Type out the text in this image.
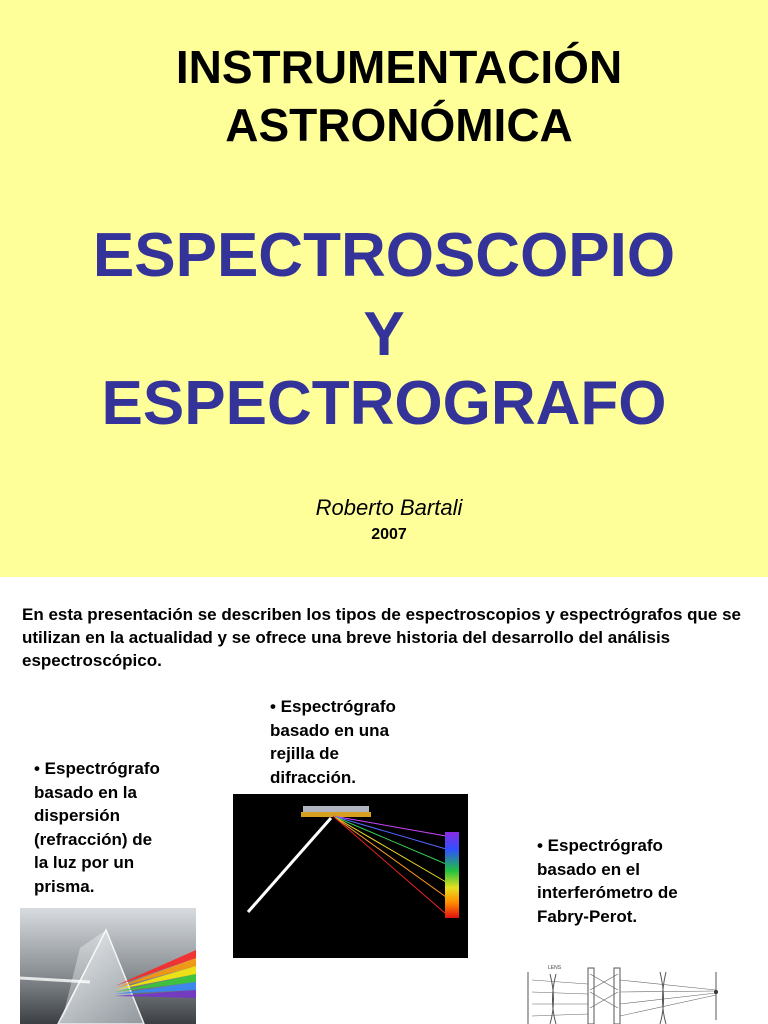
INSTRUMENTACIÓN
ASTRONÓMICA
ESPECTROSCOPIO
Y
ESPECTROGRAFO
Roberto Bartali
2007
En esta presentación se describen los tipos de espectroscopios y espectrógrafos que se utilizan en la actualidad y se ofrece una breve historia del desarrollo del análisis espectroscópico.
• Espectrógrafo
basado en la
dispersión
(refracción) de
la luz por un
prisma.
• Espectrógrafo
basado en una
rejilla de
difracción.
• Espectrógrafo
basado en el
interferómetro de
Fabry-Perot.
LENS
